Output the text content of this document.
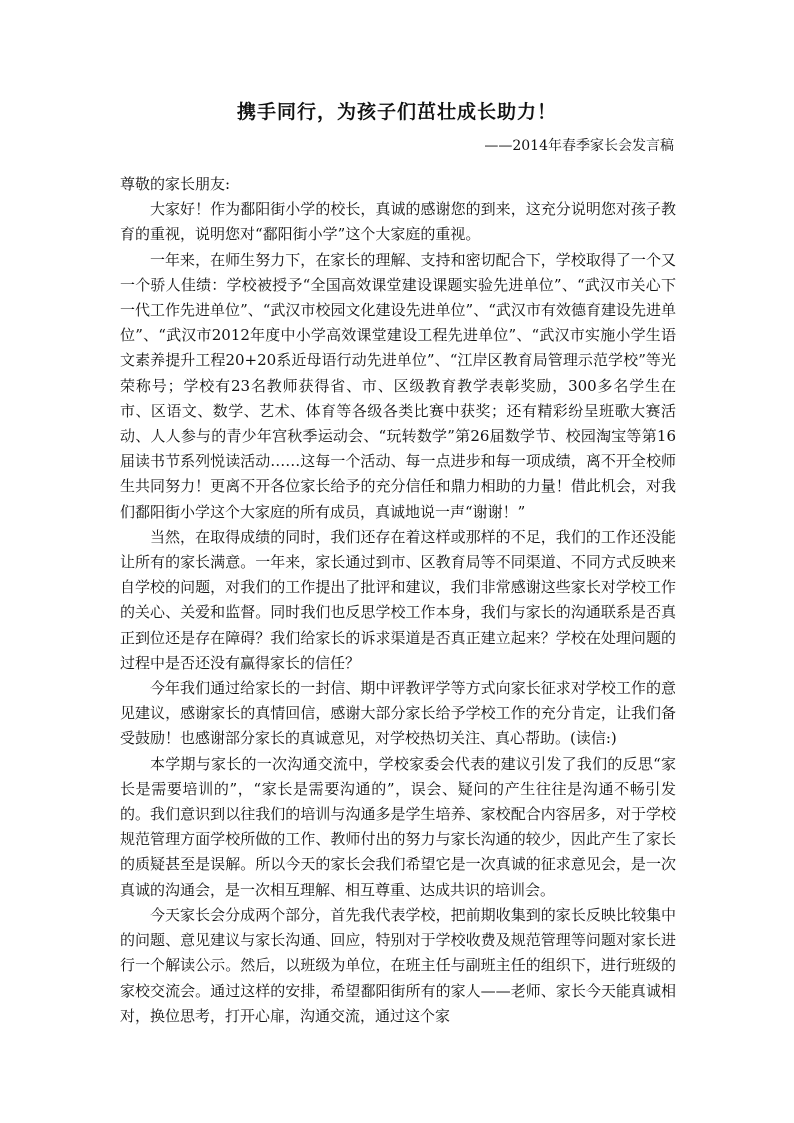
携手同行，为孩子们茁壮成长助力！
——2014年春季家长会发言稿

尊敬的家长朋友:

大家好！作为鄱阳街小学的校长，真诚的感谢您的到来，这充分说明您对孩子教育的重视，说明您对“鄱阳街小学”这个大家庭的重视。

一年来，在师生努力下，在家长的理解、支持和密切配合下，学校取得了一个又一个骄人佳绩：学校被授予“全国高效课堂建设课题实验先进单位”、“武汉市关心下一代工作先进单位”、“武汉市校园文化建设先进单位”、“武汉市有效德育建设先进单位”、“武汉市2012年度中小学高效课堂建设工程先进单位”、“武汉市实施小学生语文素养提升工程20+20系近母语行动先进单位”、“江岸区教育局管理示范学校”等光荣称号；学校有23名教师获得省、市、区级教育教学表彰奖励，300多名学生在市、区语文、数学、艺术、体育等各级各类比赛中获奖；还有精彩纷呈班歌大赛活动、人人参与的青少年宫秋季运动会、“玩转数学”第26届数学节、校园淘宝等第16届读书节系列悦读活动……这每一个活动、每一点进步和每一项成绩，离不开全校师生共同努力！更离不开各位家长给予的充分信任和鼎力相助的力量！借此机会，对我们鄱阳街小学这个大家庭的所有成员，真诚地说一声“谢谢！”

当然，在取得成绩的同时，我们还存在着这样或那样的不足，我们的工作还没能让所有的家长满意。一年来，家长通过到市、区教育局等不同渠道、不同方式反映来自学校的问题，对我们的工作提出了批评和建议，我们非常感谢这些家长对学校工作的关心、关爱和监督。同时我们也反思学校工作本身，我们与家长的沟通联系是否真正到位还是存在障碍？我们给家长的诉求渠道是否真正建立起来？学校在处理问题的过程中是否还没有赢得家长的信任？

今年我们通过给家长的一封信、期中评教评学等方式向家长征求对学校工作的意见建议，感谢家长的真情回信，感谢大部分家长给予学校工作的充分肯定，让我们备受鼓励！也感谢部分家长的真诚意见，对学校热切关注、真心帮助。(读信:)

本学期与家长的一次沟通交流中，学校家委会代表的建议引发了我们的反思“家长是需要培训的”，“家长是需要沟通的”，误会、疑问的产生往往是沟通不畅引发的。我们意识到以往我们的培训与沟通多是学生培养、家校配合内容居多，对于学校规范管理方面学校所做的工作、教师付出的努力与家长沟通的较少，因此产生了家长的质疑甚至是误解。所以今天的家长会我们希望它是一次真诚的征求意见会，是一次真诚的沟通会，是一次相互理解、相互尊重、达成共识的培训会。

今天家长会分成两个部分，首先我代表学校，把前期收集到的家长反映比较集中的问题、意见建议与家长沟通、回应，特别对于学校收费及规范管理等问题对家长进行一个解读公示。然后，以班级为单位，在班主任与副班主任的组织下，进行班级的家校交流会。通过这样的安排，希望鄱阳街所有的家人——老师、家长今天能真诚相对，换位思考，打开心扉，沟通交流，通过这个家
